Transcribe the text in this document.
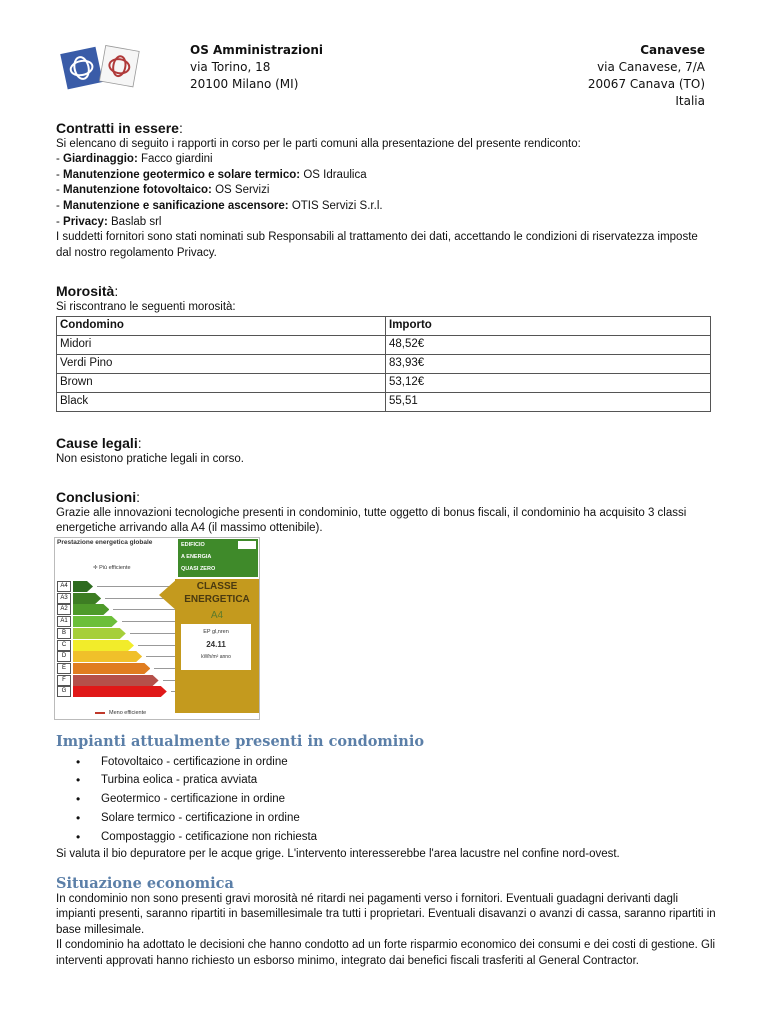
OS Amministrazioni
via Torino, 18
20100 Milano (MI)
Canavese
via Canavese, 7/A
20067 Canava (TO)
Italia
Contratti in essere:
Si elencano di seguito i rapporti in corso per le parti comuni alla presentazione del presente rendiconto:
- Giardinaggio: Facco giardini
- Manutenzione geotermico e solare termico: OS Idraulica
- Manutenzione fotovoltaico: OS Servizi
- Manutenzione e sanificazione ascensore: OTIS Servizi S.r.l.
- Privacy: Baslab srl
I suddetti fornitori sono stati nominati sub Responsabili al trattamento dei dati, accettando le condizioni di riservatezza imposte dal nostro regolamento Privacy.
Morosità:
Si riscontrano le seguenti morosità:
Condomino	Importo
Midori	48,52€
Verdi Pino	83,93€
Brown	53,12€
Black	55,51
Cause legali:
Non esistono pratiche legali in corso.
Conclusioni:
Grazie alle innovazioni tecnologiche presenti in condominio, tutte oggetto di bonus fiscali, il condominio ha acquisito 3 classi energetiche arrivando alla A4 (il massimo ottenibile).
Prestazione energetica globale
✛ Più efficiente
A4
A3
A2
A1
B
C
D
E
F
G
Meno efficiente
EDIFICIO
A ENERGIA
QUASI ZERO
CLASSE
ENERGETICA
A4
EP gl,nren
24.11
kWh/m² anno
Impianti attualmente presenti in condominio
• Fotovoltaico - certificazione in ordine
• Turbina eolica - pratica avviata
• Geotermico - certificazione in ordine
• Solare termico - certificazione in ordine
• Compostaggio - cetificazione non richiesta
Si valuta il bio depuratore per le acque grige. L'intervento interesserebbe l'area lacustre nel confine nord-ovest.
Situazione economica
In condominio non sono presenti gravi morosità né ritardi nei pagamenti verso i fornitori. Eventuali guadagni derivanti dagli impianti presenti, saranno ripartiti in basemillesimale tra tutti i proprietari. Eventuali disavanzi o avanzi di cassa, saranno ripartiti in base millesimale.
Il condominio ha adottato le decisioni che hanno condotto ad un forte risparmio economico dei consumi e dei costi di gestione. Gli interventi approvati hanno richiesto un esborso minimo, integrato dai benefici fiscali trasferiti al General Contractor.
